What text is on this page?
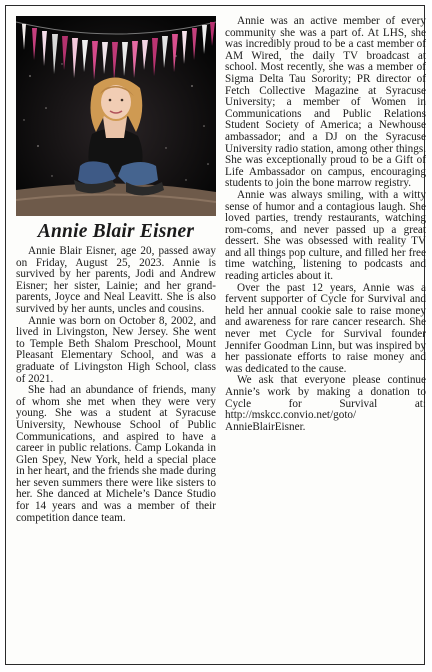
Annie Blair Eisner

Annie Blair Eisner, age 20, passed away on Friday, August 25, 2023. Annie is survived by her parents, Jodi and Andrew Eisner; her sister, Lainie; and her grandparents, Joyce and Neal Leavitt. She is also survived by her aunts, uncles and cousins.

Annie was born on October 8, 2002, and lived in Livingston, New Jersey. She went to Temple Beth Shalom Preschool, Mount Pleasant Elementary School, and was a graduate of Livingston High School, class of 2021.

She had an abundance of friends, many of whom she met when they were very young. She was a student at Syracuse University, Newhouse School of Public Communications, and aspired to have a career in public relations. Camp Lokanda in Glen Spey, New York, held a special place in her heart, and the friends she made during her seven summers there were like sisters to her. She danced at Michele’s Dance Studio for 14 years and was a member of their competition dance team.

Annie was an active member of every community she was a part of. At LHS, she was incredibly proud to be a cast member of AM Wired, the daily TV broadcast at school. Most recently, she was a member of Sigma Delta Tau Sorority; PR director of Fetch Collective Magazine at Syracuse University; a member of Women in Communications and Public Relations Student Society of America; a Newhouse ambassador; and a DJ on the Syracuse University radio station, among other things. She was exceptionally proud to be a Gift of Life Ambassador on campus, encouraging students to join the bone marrow registry.

Annie was always smiling, with a witty sense of humor and a contagious laugh. She loved parties, trendy restaurants, watching rom-coms, and never passed up a great dessert. She was obsessed with reality TV and all things pop culture, and filled her free time watching, listening to podcasts and reading articles about it.

Over the past 12 years, Annie was a fervent supporter of Cycle for Survival and held her annual cookie sale to raise money and awareness for rare cancer research. She never met Cycle for Survival founder Jennifer Goodman Linn, but was inspired by her passionate efforts to raise money and was dedicated to the cause.

We ask that everyone please continue Annie’s work by making a donation to Cycle for Survival at: http://mskcc.convio.net/goto/ AnnieBlairEisner.
